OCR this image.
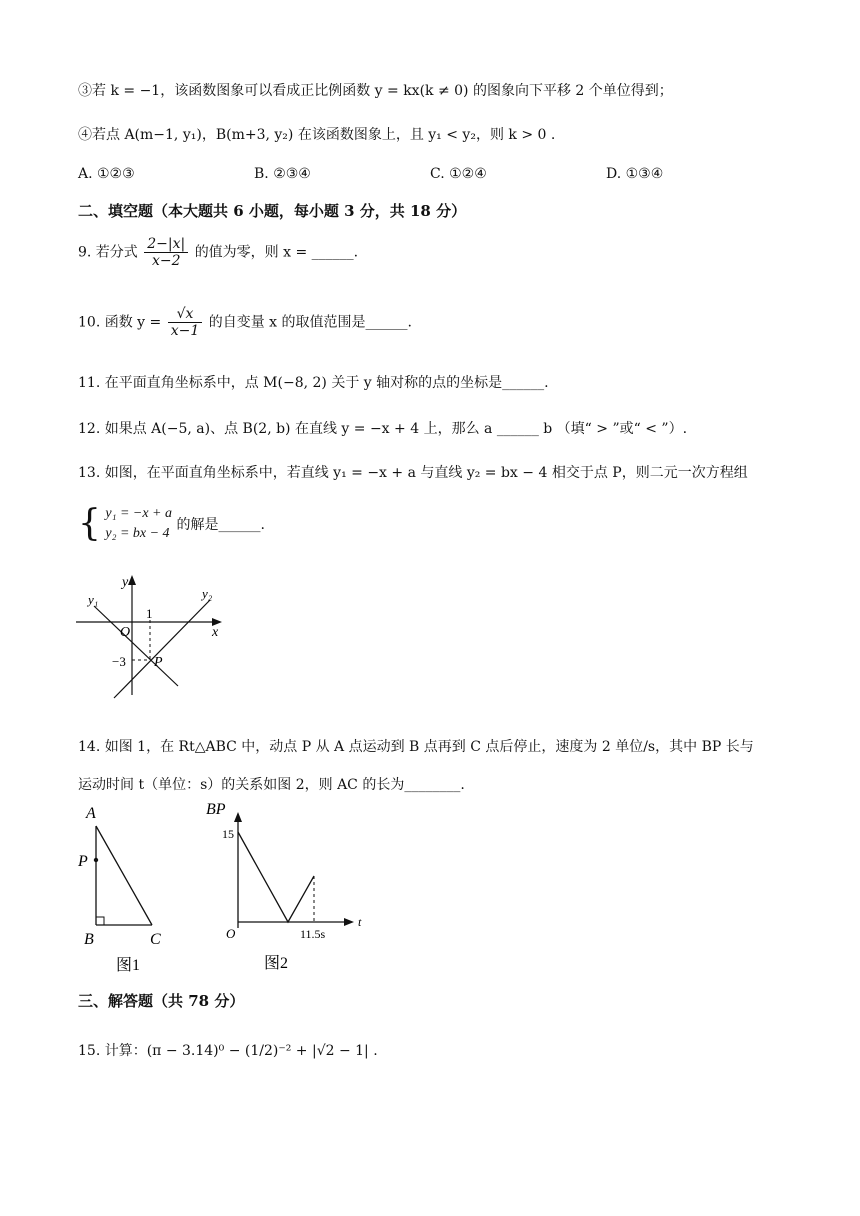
③若 k = −1，该函数图象可以看成正比例函数 y = kx(k ≠ 0) 的图象向下平移 2 个单位得到；
④若点 A(m−1, y₁)，B(m+3, y₂) 在该函数图象上，且 y₁ < y₂，则 k > 0 .
A. ①②③	B. ②③④	C. ①②④	D. ①③④
二、填空题（本大题共 6 小题，每小题 3 分，共 18 分）
9. 若分式 $\frac{2-|x|}{x-2}$ 的值为零，则 x = ______.
10. 函数 $y = \frac{√x}{x-1}$ 的自变量 x 的取值范围是______.
11. 在平面直角坐标系中，点 M(−8, 2) 关于 y 轴对称的点的坐标是______.
12. 如果点 A(−5, a)、点 B(2, b) 在直线 y = −x + 4 上，那么 a ______ b （填“ > ”或“ < ”）.
13. 如图，在平面直角坐标系中，若直线 y₁ = −x + a 与直线 y₂ = bx − 4 相交于点 P，则二元一次方程组
{ y₁ = −x + a
y₂ = bx − 4
的解是______.
y
x
O
y₁	y₂
1
−3 P
14. 如图 1，在 Rt△ABC 中，动点 P 从 A 点运动到 B 点再到 C 点后停止，速度为 2 单位/s，其中 BP 长与
运动时间 t（单位：s）的关系如图 2，则 AC 的长为________.
A
P
B	C
图1
BP
15
O	11.5s
t
图2
三、解答题（共 78 分）
15. 计算：(π − 3.14)⁰ − (1/2)⁻² + |√2 − 1| .
